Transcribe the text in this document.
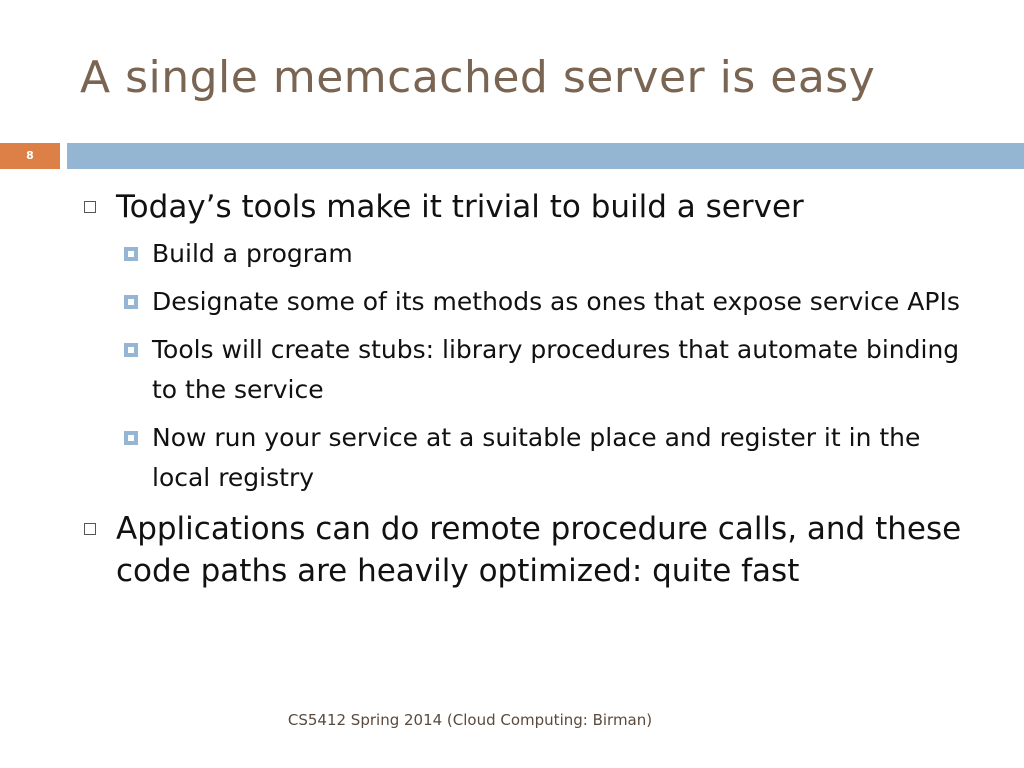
A single memcached server is easy
8
Today’s tools make it trivial to build a server
Build a program
Designate some of its methods as ones that expose service APIs
Tools will create stubs: library procedures that automate binding to the service
Now run your service at a suitable place and register it in the local registry
Applications can do remote procedure calls, and these code paths are heavily optimized: quite fast
CS5412 Spring 2014 (Cloud Computing: Birman)
